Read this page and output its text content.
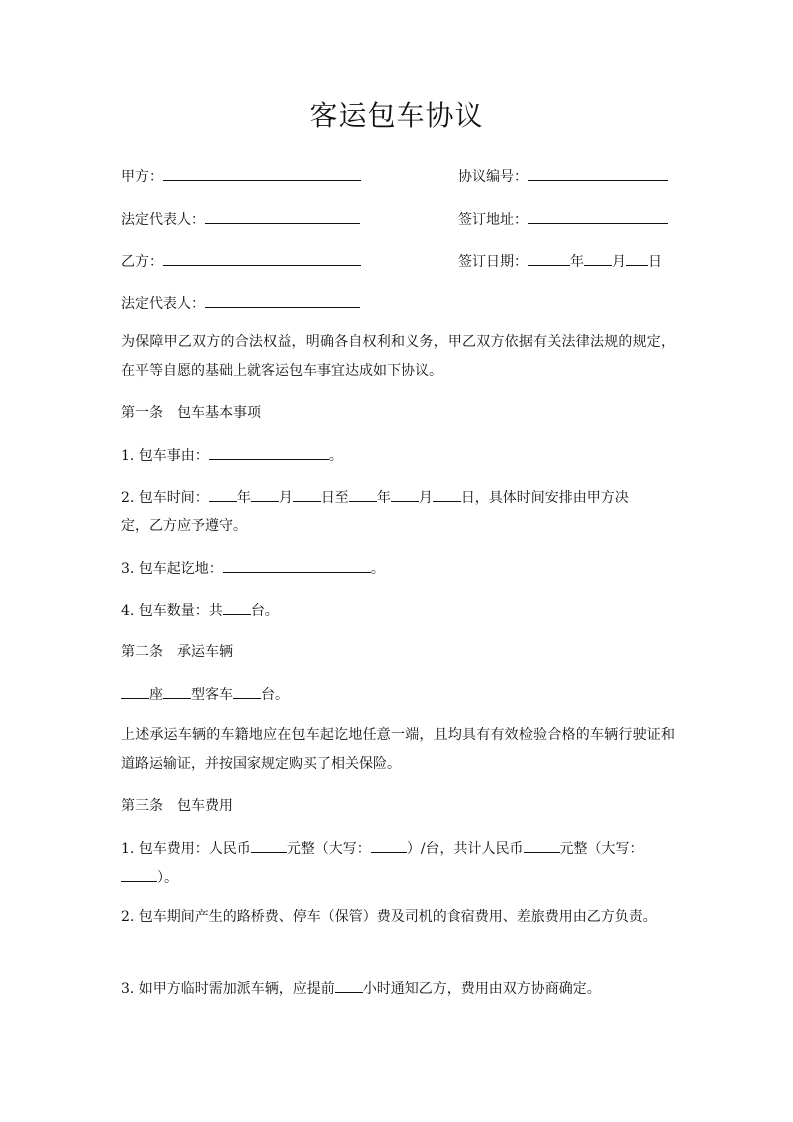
客运包车协议
甲方：	协议编号：
法定代表人：	签订地址：
乙方：	签订日期：	年 月 日
法定代表人：
为保障甲乙双方的合法权益，明确各自权利和义务，甲乙双方依据有关法律法规的规定，在平等自愿的基础上就客运包车事宜达成如下协议。
第一条　包车基本事项
1. 包车事由：	。
2. 包车时间： 年 月 日至 年 月 日，具体时间安排由甲方决
定，乙方应予遵守。
3. 包车起讫地：	。
4. 包车数量：共 台。
第二条　承运车辆
座 型客车 台。
上述承运车辆的车籍地应在包车起讫地任意一端，且均具有有效检验合格的车辆行驶证和道路运输证，并按国家规定购买了相关保险。
第三条　包车费用
1. 包车费用：人民币	元整（大写：	）/台，共计人民币	元整（大写：
）。
2. 包车期间产生的路桥费、停车（保管）费及司机的食宿费用、差旅费用由乙方负责。
3. 如甲方临时需加派车辆，应提前 小时通知乙方，费用由双方协商确定。
